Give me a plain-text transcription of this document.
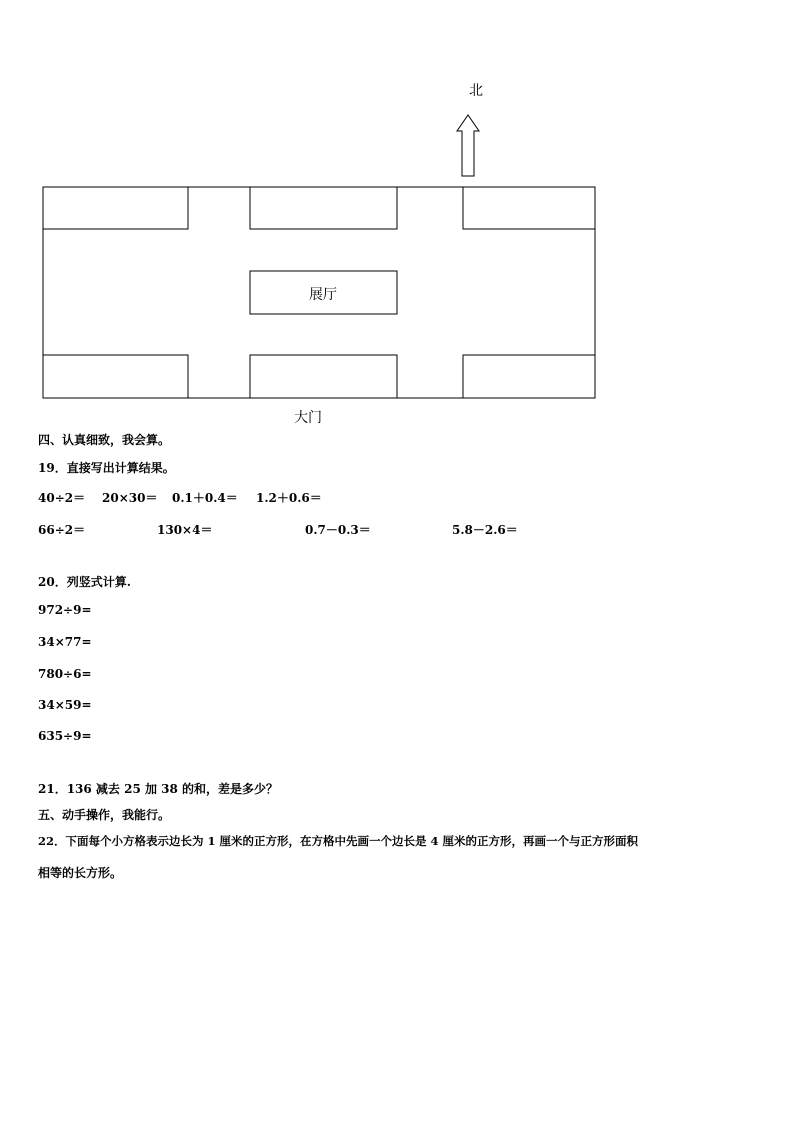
北
展厅
大门
四、认真细致，我会算。
19．直接写出计算结果。
40÷2＝ 20×30＝ 0.1＋0.4＝ 1.2＋0.6＝
66÷2＝	130×4＝	0.7－0.3＝	5.8－2.6＝
20．列竖式计算.
972÷9=
34×77=
780÷6=
34×59=
635÷9=
21．136 减去 25 加 38 的和，差是多少？
五、动手操作，我能行。
22．下面每个小方格表示边长为 1 厘米的正方形，在方格中先画一个边长是 4 厘米的正方形，再画一个与正方形面积
相等的长方形。
